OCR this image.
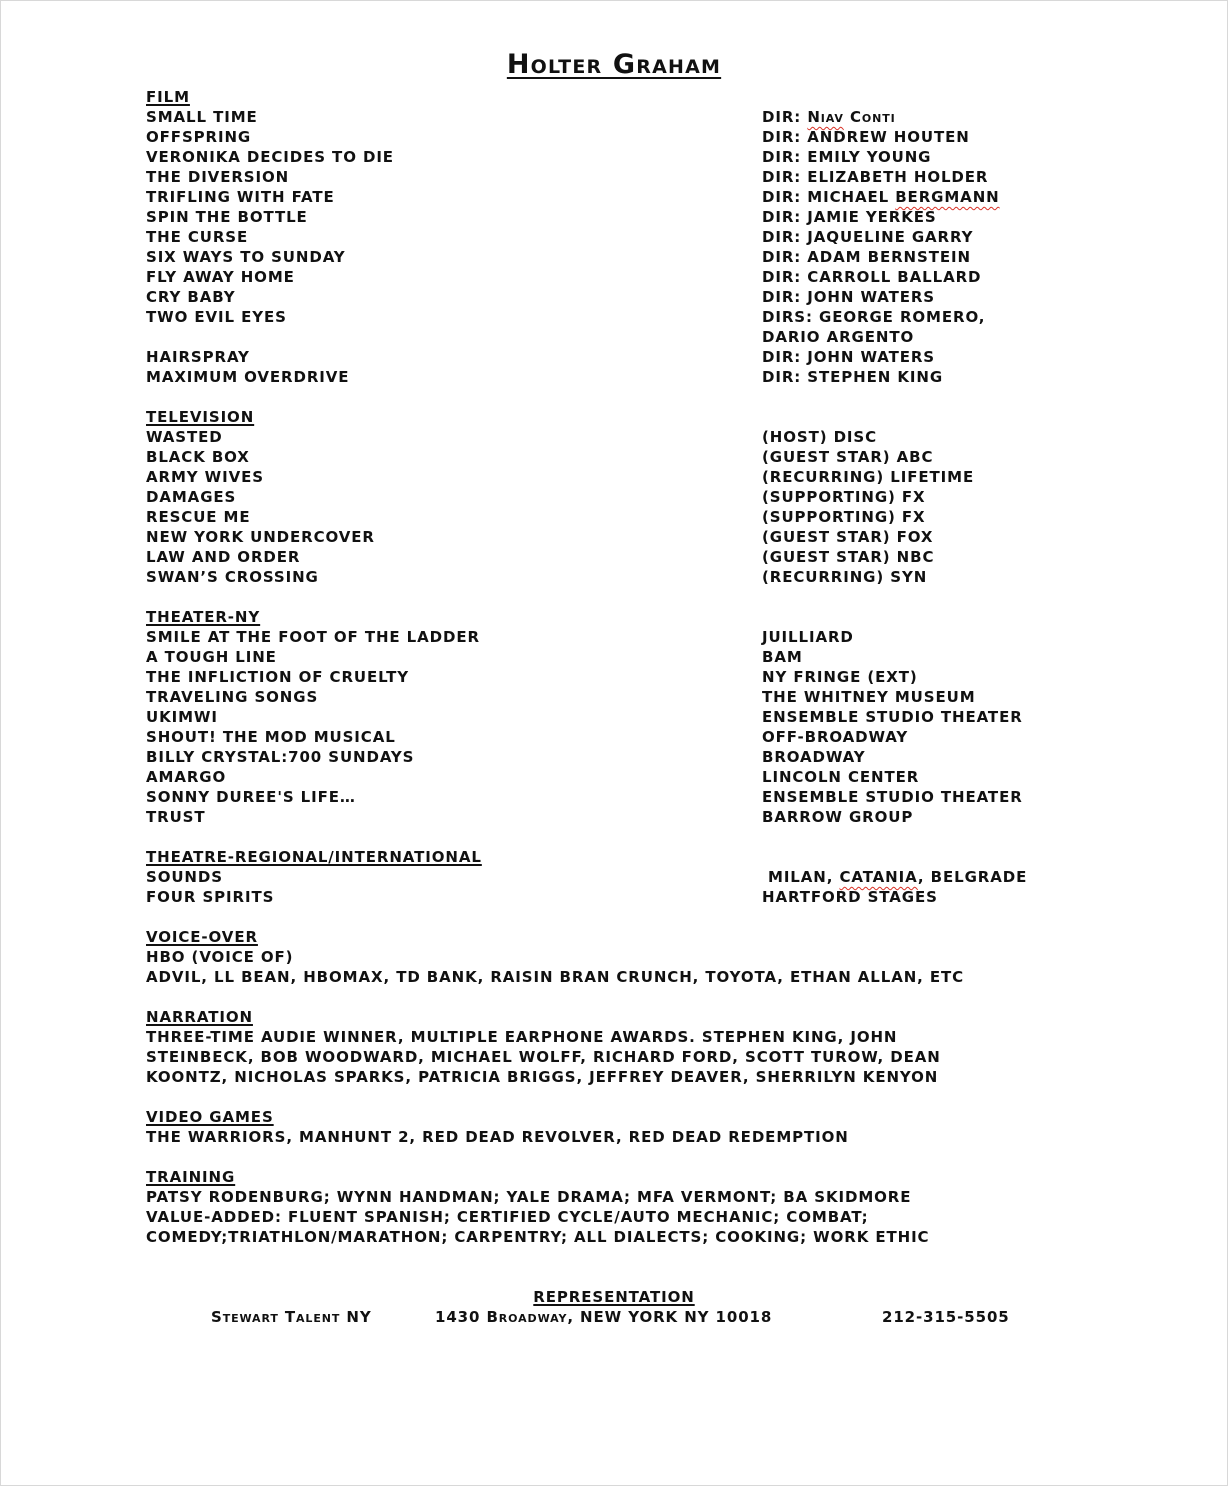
Holter Graham
FILM
SMALL TIME	DIR: Niav Conti
OFFSPRING	DIR: ANDREW HOUTEN
VERONIKA DECIDES TO DIE	DIR: EMILY YOUNG
THE DIVERSION	DIR: ELIZABETH HOLDER
TRIFLING WITH FATE	DIR: MICHAEL BERGMANN
SPIN THE BOTTLE	DIR: JAMIE YERKES
THE CURSE	DIR: JAQUELINE GARRY
SIX WAYS TO SUNDAY	DIR: ADAM BERNSTEIN
FLY AWAY HOME	DIR: CARROLL BALLARD
CRY BABY	DIR: JOHN WATERS
TWO EVIL EYES	DIRS: GEORGE ROMERO,
DARIO ARGENTO
HAIRSPRAY	DIR: JOHN WATERS
MAXIMUM OVERDRIVE	DIR: STEPHEN KING
TELEVISION
WASTED	(HOST) DISC
BLACK BOX	(GUEST STAR) ABC
ARMY WIVES	(RECURRING) LIFETIME
DAMAGES	(SUPPORTING) FX
RESCUE ME	(SUPPORTING) FX
NEW YORK UNDERCOVER	(GUEST STAR) FOX
LAW AND ORDER	(GUEST STAR) NBC
SWAN’S CROSSING	(RECURRING) SYN
THEATER-NY
SMILE AT THE FOOT OF THE LADDER	JUILLIARD
A TOUGH LINE	BAM
THE INFLICTION OF CRUELTY	NY FRINGE (EXT)
TRAVELING SONGS	THE WHITNEY MUSEUM
UKIMWI	ENSEMBLE STUDIO THEATER
SHOUT! THE MOD MUSICAL	OFF-BROADWAY
BILLY CRYSTAL:700 SUNDAYS	BROADWAY
AMARGO	LINCOLN CENTER
SONNY DUREE'S LIFE…	ENSEMBLE STUDIO THEATER
TRUST	BARROW GROUP
THEATRE-REGIONAL/INTERNATIONAL
SOUNDS	MILAN, CATANIA, BELGRADE
FOUR SPIRITS	HARTFORD STAGES
VOICE-OVER
HBO (VOICE OF)
ADVIL, LL BEAN, HBOMAX, TD BANK, RAISIN BRAN CRUNCH, TOYOTA, ETHAN ALLAN, ETC
NARRATION
THREE-TIME AUDIE WINNER, MULTIPLE EARPHONE AWARDS. STEPHEN KING, JOHN
STEINBECK, BOB WOODWARD, MICHAEL WOLFF, RICHARD FORD, SCOTT TUROW, DEAN
KOONTZ, NICHOLAS SPARKS, PATRICIA BRIGGS, JEFFREY DEAVER, SHERRILYN KENYON
VIDEO GAMES
THE WARRIORS, MANHUNT 2, RED DEAD REVOLVER, RED DEAD REDEMPTION
TRAINING
PATSY RODENBURG; WYNN HANDMAN; YALE DRAMA; MFA VERMONT; BA SKIDMORE
VALUE-ADDED: FLUENT SPANISH; CERTIFIED CYCLE/AUTO MECHANIC; COMBAT;
COMEDY;TRIATHLON/MARATHON; CARPENTRY; ALL DIALECTS; COOKING; WORK ETHIC
REPRESENTATION
Stewart Talent NY	1430 Broadway, NEW YORK NY 10018	212-315-5505
